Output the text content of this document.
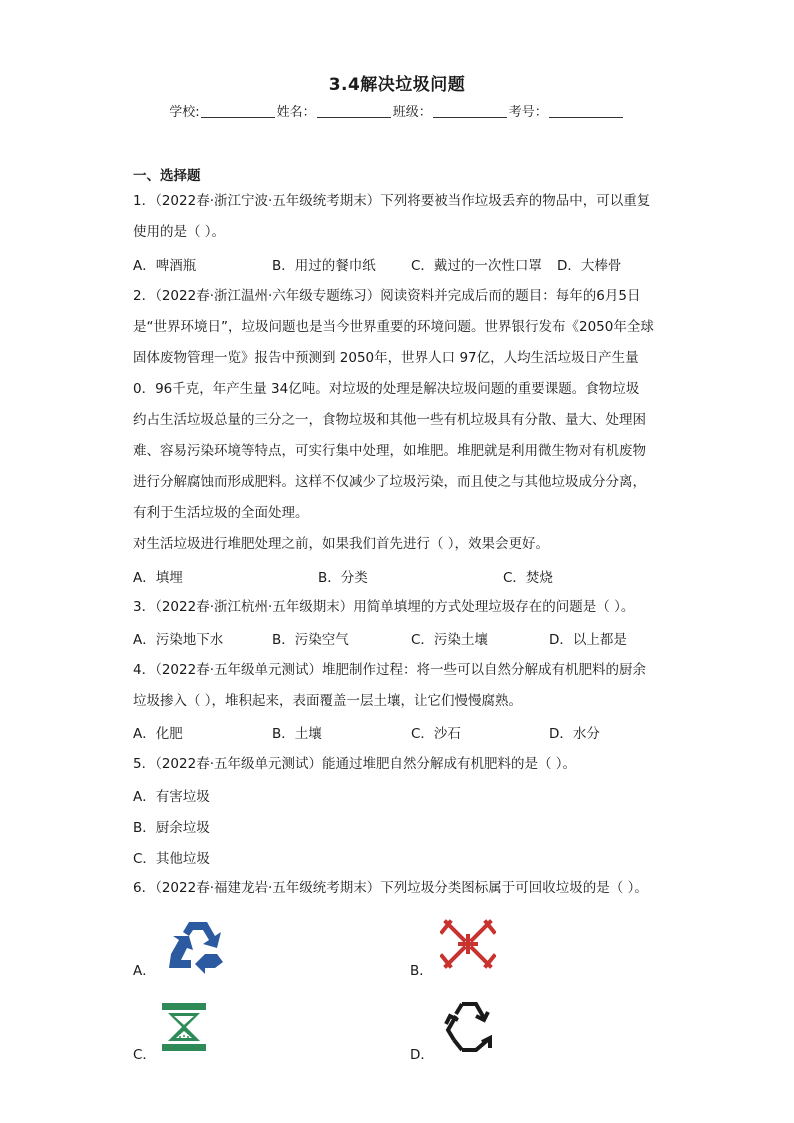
3.4解决垃圾问题
学校:	姓名：	班级：	考号：
一、选择题
1．（2022春·浙江宁波·五年级统考期末）下列将要被当作垃圾丢弃的物品中，可以重复
使用的是（ ）。
A．啤酒瓶	B．用过的餐巾纸	C．戴过的一次性口罩 D．大棒骨
2．（2022春·浙江温州·六年级专题练习）阅读资料并完成后而的题目：每年的6月5日
是“世界环境日”，垃圾问题也是当今世界重要的环境问题。世界银行发布《2050年全球
固体废物管理一览》报告中预测到 2050年，世界人口 97亿，人均生活垃圾日产生量
0．96千克，年产生量 34亿吨。对垃圾的处理是解决垃圾问题的重要课题。食物垃圾
约占生活垃圾总量的三分之一，食物垃圾和其他一些有机垃圾具有分散、量大、处理困
难、容易污染环境等特点，可实行集中处理，如堆肥。堆肥就是利用微生物对有机废物
进行分解腐蚀而形成肥料。这样不仅减少了垃圾污染，而且使之与其他垃圾成分分离，
有利于生活垃圾的全面处理。
对生活垃圾进行堆肥处理之前，如果我们首先进行（ ），效果会更好。
A．填埋	B．分类	C．焚烧
3．（2022春·浙江杭州·五年级期末）用简单填埋的方式处理垃圾存在的问题是（ ）。
A．污染地下水	B．污染空气	C．污染土壤	D．以上都是
4．（2022春·五年级单元测试）堆肥制作过程：将一些可以自然分解成有机肥料的厨余
垃圾掺入（ ），堆积起来，表面覆盖一层土壤，让它们慢慢腐熟。
A．化肥	B．土壤	C．沙石	D．水分
5．（2022春·五年级单元测试）能通过堆肥自然分解成有机肥料的是（ ）。
A．有害垃圾
B．厨余垃圾
C．其他垃圾
6．（2022春·福建龙岩·五年级统考期末）下列垃圾分类图标属于可回收垃圾的是（ ）。
A．	B．
C．	D．
